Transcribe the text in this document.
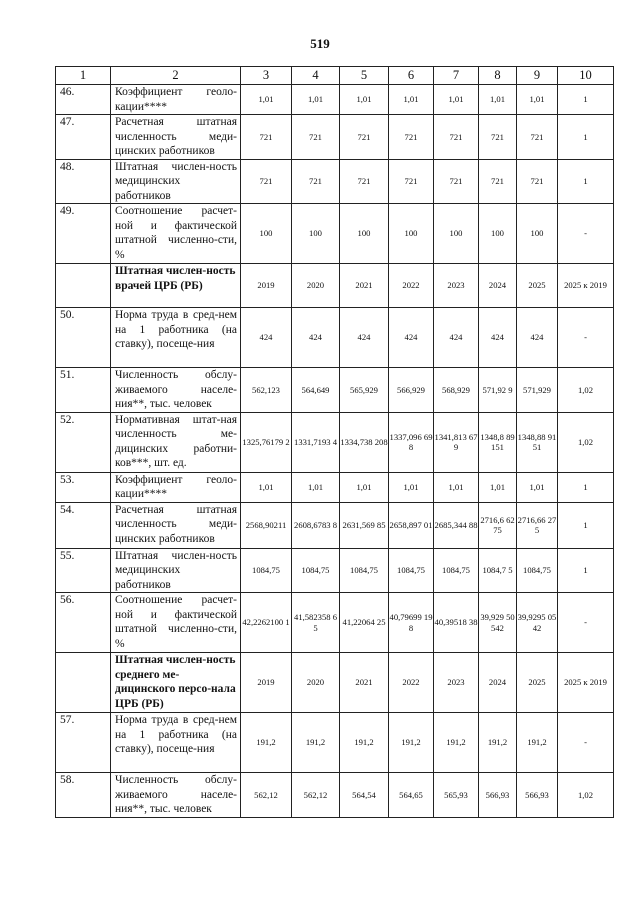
519
1	2	3	4	5	6	7	8	9	10
46.	Коэффициент геоло-кации****	1,01	1,01	1,01	1,01	1,01	1,01	1,01	1
47.	Расчетная штатная численность меди-цинских работников	721	721	721	721	721	721	721	1
48.	Штатная числен-ность медицинских работников	721	721	721	721	721	721	721	1
49.	Соотношение расчет-ной и фактической штатной численно-сти, %	100	100	100	100	100	100	100	-
	Штатная числен-ность врачей ЦРБ (РБ)	2019	2020	2021	2022	2023	2024	2025	2025 к 2019
50.	Норма труда в сред-нем на 1 работника (на ставку), посеще-ния	424	424	424	424	424	424	424	-
51.	Численность обслу-живаемого населе-ния**, тыс. человек	562,123	564,649	565,929	566,929	568,929	571,92 9	571,929	1,02
52.	Нормативная штат-ная численность ме-дицинских работни-ков***, шт. ед.	1325,76179 2	1331,7193 4	1334,738 208	1337,096 698	1341,813 679	1348,8 89151	1348,88 9151	1,02
53.	Коэффициент геоло-кации****	1,01	1,01	1,01	1,01	1,01	1,01	1,01	1
54.	Расчетная штатная численность меди-цинских работников	2568,90211	2608,6783 8	2631,569 85	2658,897 01	2685,344 88	2716,6 6275	2716,66 275	1
55.	Штатная числен-ность медицинских работников	1084,75	1084,75	1084,75	1084,75	1084,75	1084,7 5	1084,75	1
56.	Соотношение расчет-ной и фактической штатной численно-сти, %	42,2262100 1	41,582358 65	41,22064 25	40,79699 198	40,39518 38	39,929 50542	39,9295 0542	-
	Штатная числен-ность среднего ме-дицинского персо-нала ЦРБ (РБ)	2019	2020	2021	2022	2023	2024	2025	2025 к 2019
57.	Норма труда в сред-нем на 1 работника (на ставку), посеще-ния	191,2	191,2	191,2	191,2	191,2	191,2	191,2	-
58.	Численность обслу-живаемого населе-ния**, тыс. человек	562,12	562,12	564,54	564,65	565,93	566,93	566,93	1,02
